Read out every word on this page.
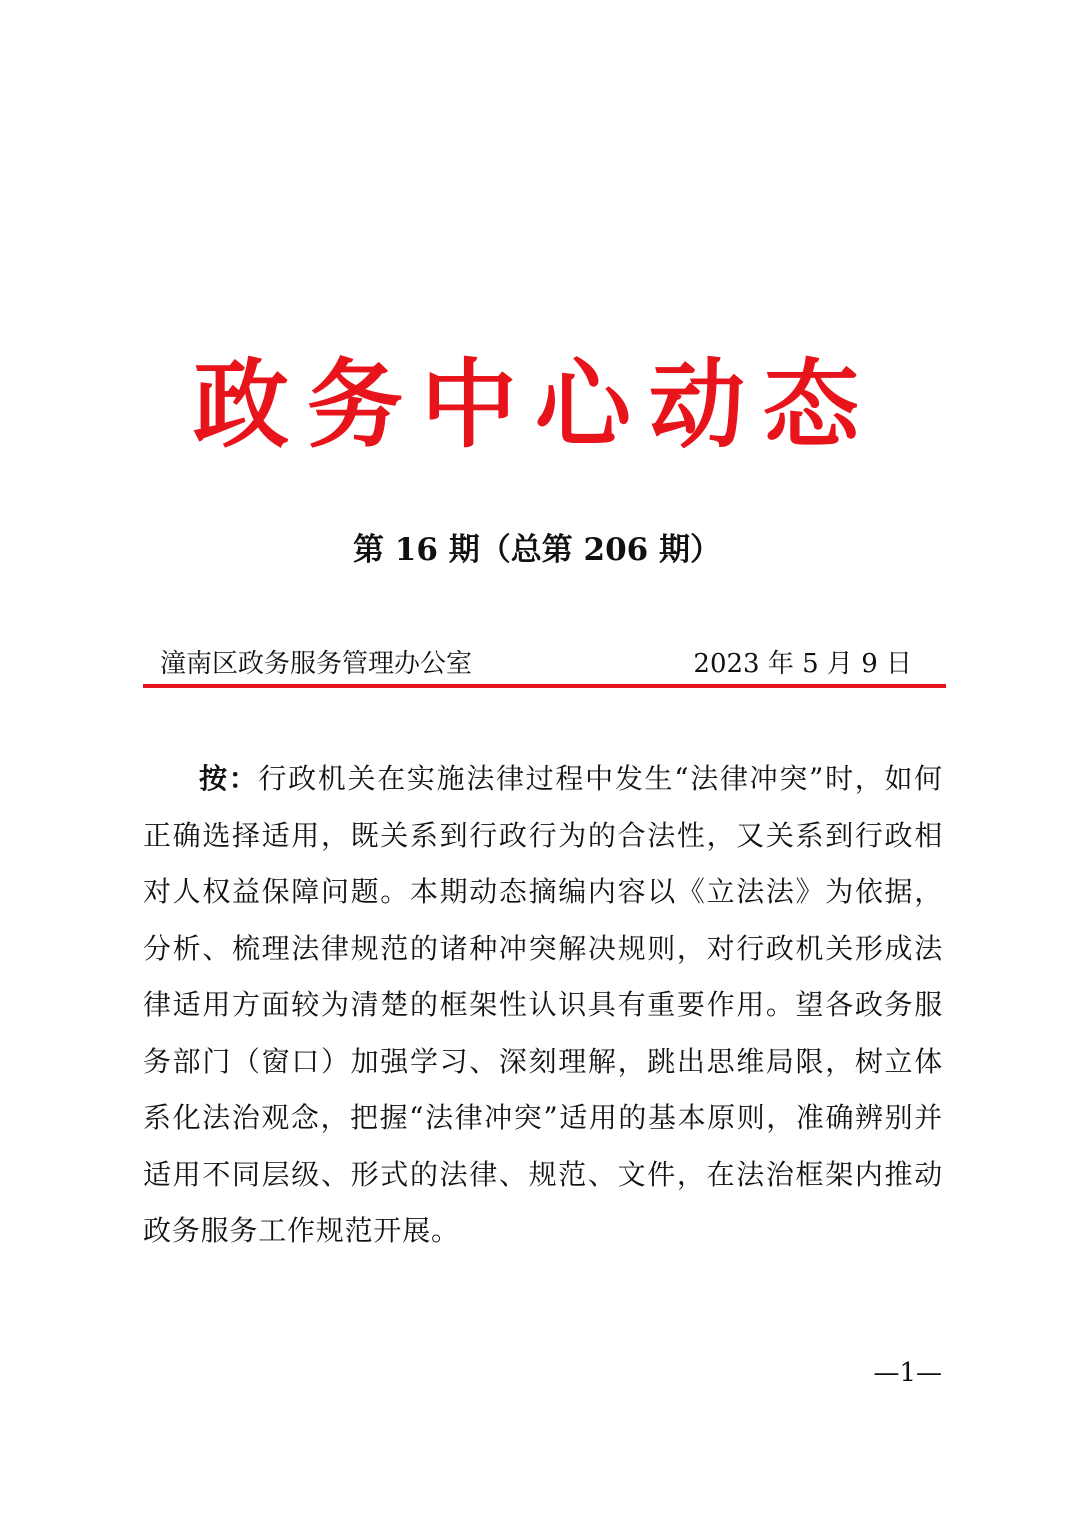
政务中心动态
第 16 期（总第 206 期）
潼南区政务服务管理办公室	2023 年 5 月 9 日
按：行政机关在实施法律过程中发生“法律冲突”时，如何正确选择适用，既关系到行政行为的合法性，又关系到行政相对人权益保障问题。本期动态摘编内容以《立法法》为依据，分析、梳理法律规范的诸种冲突解决规则，对行政机关形成法律适用方面较为清楚的框架性认识具有重要作用。望各政务服务部门（窗口）加强学习、深刻理解，跳出思维局限，树立体系化法治观念，把握“法律冲突”适用的基本原则，准确辨别并适用不同层级、形式的法律、规范、文件，在法治框架内推动政务服务工作规范开展。
—1—
